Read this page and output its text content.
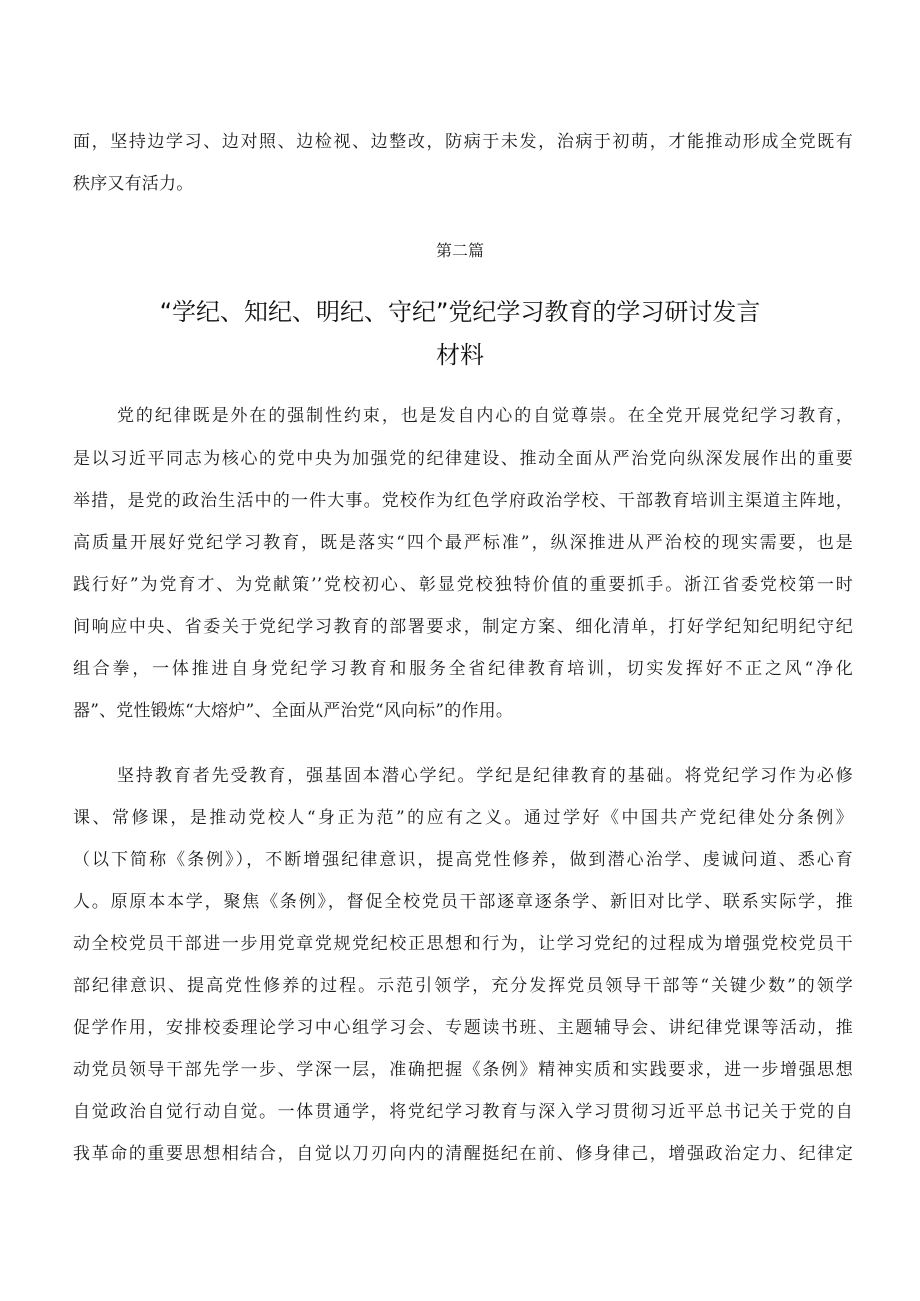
面，坚持边学习、边对照、边检视、边整改，防病于未发，治病于初萌，才能推动形成全党既有
秩序又有活力。
第二篇
“学纪、知纪、明纪、守纪”党纪学习教育的学习研讨发言
材料
党的纪律既是外在的强制性约束，也是发自内心的自觉尊崇。在全党开展党纪学习教育，
是以习近平同志为核心的党中央为加强党的纪律建设、推动全面从严治党向纵深发展作出的重要
举措，是党的政治生活中的一件大事。党校作为红色学府政治学校、干部教育培训主渠道主阵地，
高质量开展好党纪学习教育，既是落实“四个最严标准”，纵深推进从严治校的现实需要，也是
践行好”为党育才、为党献策’’党校初心、彰显党校独特价值的重要抓手。浙江省委党校第一时
间响应中央、省委关于党纪学习教育的部署要求，制定方案、细化清单，打好学纪知纪明纪守纪
组合拳，一体推进自身党纪学习教育和服务全省纪律教育培训，切实发挥好不正之风“净化
器”、党性锻炼“大熔炉”、全面从严治党“风向标”的作用。
坚持教育者先受教育，强基固本潜心学纪。学纪是纪律教育的基础。将党纪学习作为必修
课、常修课，是推动党校人“身正为范”的应有之义。通过学好《中国共产党纪律处分条例》
（以下简称《条例》），不断增强纪律意识，提高党性修养，做到潜心治学、虔诚问道、悉心育
人。原原本本学，聚焦《条例》，督促全校党员干部逐章逐条学、新旧对比学、联系实际学，推
动全校党员干部进一步用党章党规党纪校正思想和行为，让学习党纪的过程成为增强党校党员干
部纪律意识、提高党性修养的过程。示范引领学，充分发挥党员领导干部等“关键少数”的领学
促学作用，安排校委理论学习中心组学习会、专题读书班、主题辅导会、讲纪律党课等活动，推
动党员领导干部先学一步、学深一层，准确把握《条例》精神实质和实践要求，进一步增强思想
自觉政治自觉行动自觉。一体贯通学，将党纪学习教育与深入学习贯彻习近平总书记关于党的自
我革命的重要思想相结合，自觉以刀刃向内的清醒挺纪在前、修身律己，增强政治定力、纪律定
